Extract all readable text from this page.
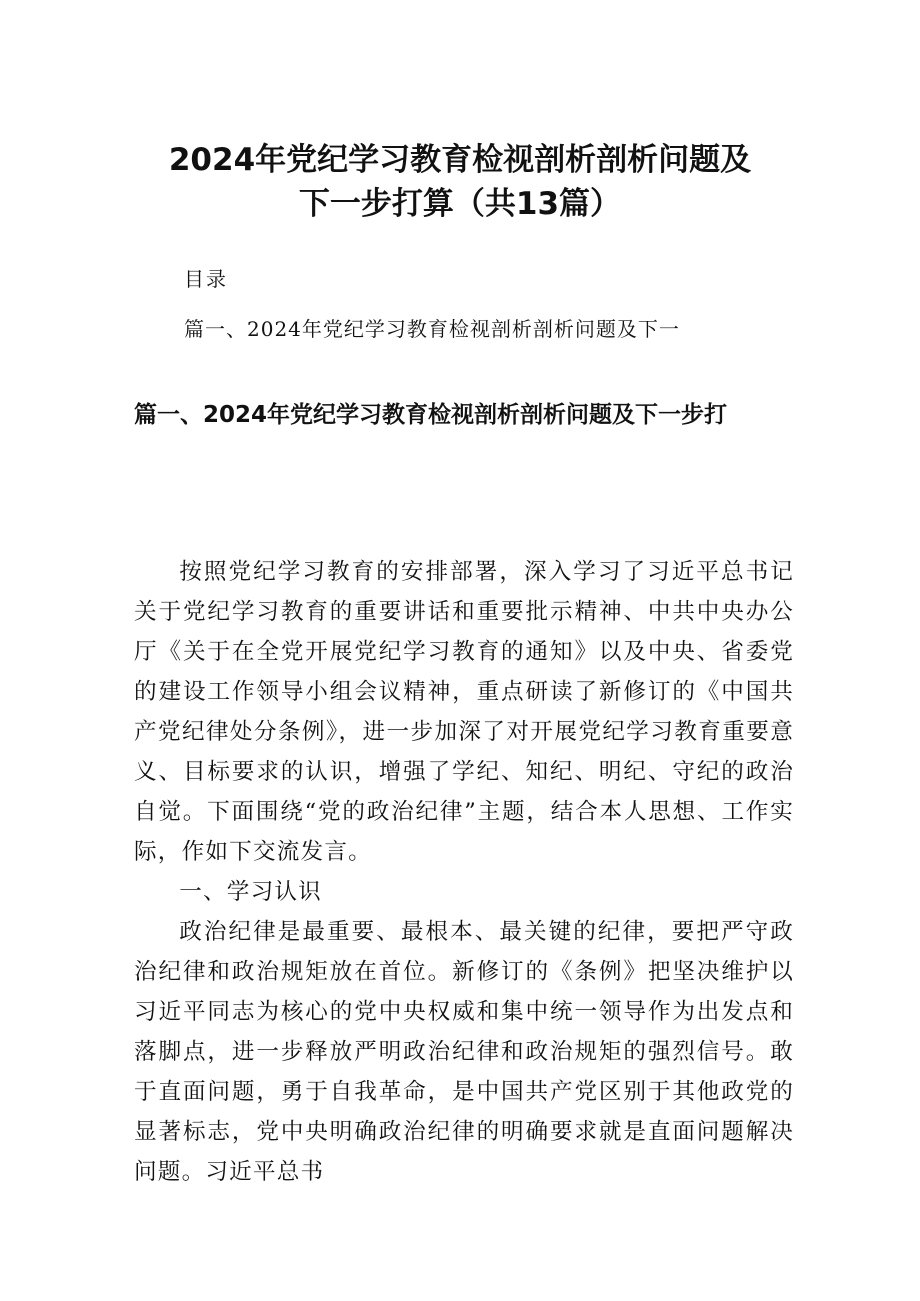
2024年党纪学习教育检视剖析剖析问题及
下一步打算（共13篇）

目录

篇一、2024年党纪学习教育检视剖析剖析问题及下一

篇一、2024年党纪学习教育检视剖析剖析问题及下一步打

按照党纪学习教育的安排部署，深入学习了习近平总书记关于党纪学习教育的重要讲话和重要批示精神、中共中央办公厅《关于在全党开展党纪学习教育的通知》以及中央、省委党的建设工作领导小组会议精神，重点研读了新修订的《中国共产党纪律处分条例》，进一步加深了对开展党纪学习教育重要意义、目标要求的认识，增强了学纪、知纪、明纪、守纪的政治自觉。下面围绕“党的政治纪律”主题，结合本人思想、工作实际，作如下交流发言。

一、学习认识

政治纪律是最重要、最根本、最关键的纪律，要把严守政治纪律和政治规矩放在首位。新修订的《条例》把坚决维护以习近平同志为核心的党中央权威和集中统一领导作为出发点和落脚点，进一步释放严明政治纪律和政治规矩的强烈信号。敢于直面问题，勇于自我革命，是中国共产党区别于其他政党的显著标志，党中央明确政治纪律的明确要求就是直面问题解决问题。习近平总书
